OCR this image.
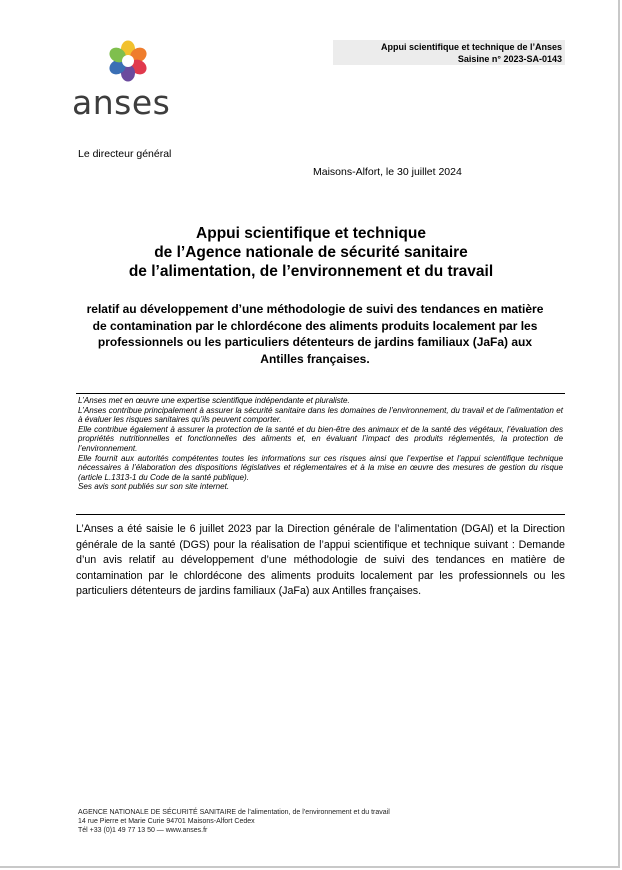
anses
Appui scientifique et technique de l’Anses
Saisine n° 2023-SA-0143
Le directeur général
Maisons-Alfort, le 30 juillet 2024
Appui scientifique et technique
de l’Agence nationale de sécurité sanitaire
de l’alimentation, de l’environnement et du travail
relatif au développement d’une méthodologie de suivi des tendances en matière
de contamination par le chlordécone des aliments produits localement par les
professionnels ou les particuliers détenteurs de jardins familiaux (JaFa) aux
Antilles françaises.

L’Anses met en œuvre une expertise scientifique indépendante et pluraliste.

L’Anses contribue principalement à assurer la sécurité sanitaire dans les domaines de l’environnement, du travail et de l’alimentation et à évaluer les risques sanitaires qu’ils peuvent comporter.

Elle contribue également à assurer la protection de la santé et du bien-être des animaux et de la santé des végétaux, l’évaluation des propriétés nutritionnelles et fonctionnelles des aliments et, en évaluant l’impact des produits réglementés, la protection de l’environnement.

Elle fournit aux autorités compétentes toutes les informations sur ces risques ainsi que l’expertise et l’appui scientifique technique nécessaires à l’élaboration des dispositions législatives et réglementaires et à la mise en œuvre des mesures de gestion du risque (article L.1313-1 du Code de la santé publique).

Ses avis sont publiés sur son site internet.

L’Anses a été saisie le 6 juillet 2023 par la Direction générale de l’alimentation (DGAl) et la Direction générale de la santé (DGS) pour la réalisation de l’appui scientifique et technique suivant : Demande d’un avis relatif au développement d’une méthodologie de suivi des tendances en matière de contamination par le chlordécone des aliments produits localement par les professionnels ou les particuliers détenteurs de jardins familiaux (JaFa) aux Antilles françaises.
AGENCE NATIONALE DE SÉCURITÉ SANITAIRE de l’alimentation, de l’environnement et du travail
14 rue Pierre et Marie Curie 94701 Maisons-Alfort Cedex
Tél +33 (0)1 49 77 13 50 — www.anses.fr
